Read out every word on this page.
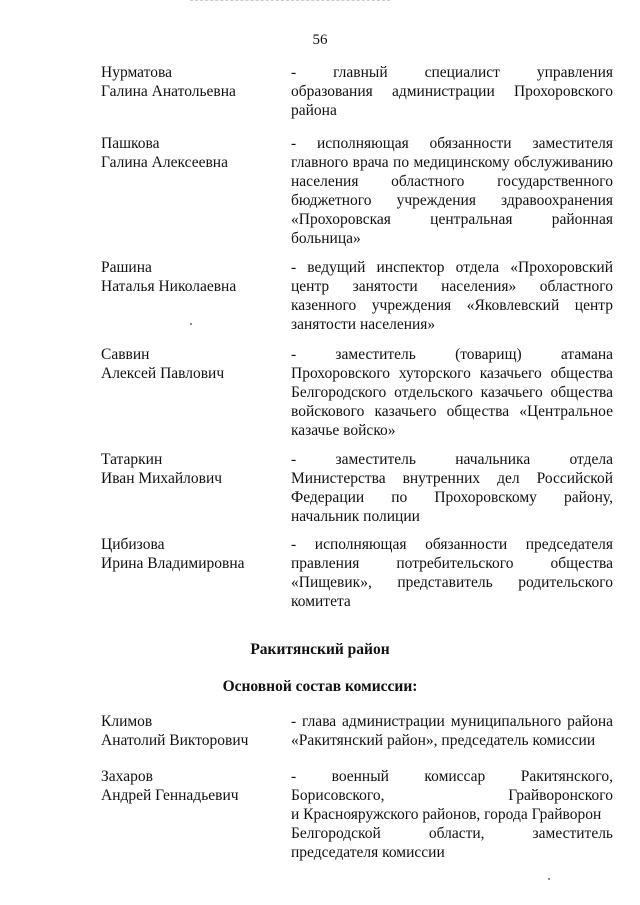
56
Нурматова
Галина Анатольевна
- главный специалист управления
образования администрации Прохоровского
района
Пашкова
Галина Алексеевна
- исполняющая обязанности заместителя
главного врача по медицинскому обслуживанию
населения областного государственного
бюджетного учреждения здравоохранения
«Прохоровская центральная районная
больница»
Рашина
Наталья Николаевна
- ведущий инспектор отдела «Прохоровский
центр занятости населения» областного
казенного учреждения «Яковлевский центр
занятости населения»
Саввин
Алексей Павлович
- заместитель (товарищ) атамана
Прохоровского хуторского казачьего общества
Белгородского отдельского казачьего общества
войскового казачьего общества «Центральное
казачье войско»
Татаркин
Иван Михайлович
- заместитель начальника отдела
Министерства внутренних дел Российской
Федерации по Прохоровскому району,
начальник полиции
Цибизова
Ирина Владимировна
- исполняющая обязанности председателя
правления потребительского общества
«Пищевик», представитель родительского
комитета
Ракитянский район
Основной состав комиссии:
Климов
Анатолий Викторович
- глава администрации муниципального района
«Ракитянский район», председатель комиссии
Захаров
Андрей Геннадьевич
- военный комиссар Ракитянского,
Борисовского, Грайворонского
и Краснояружского районов, города Грайворон
Белгородской области, заместитель
председателя комиссии
